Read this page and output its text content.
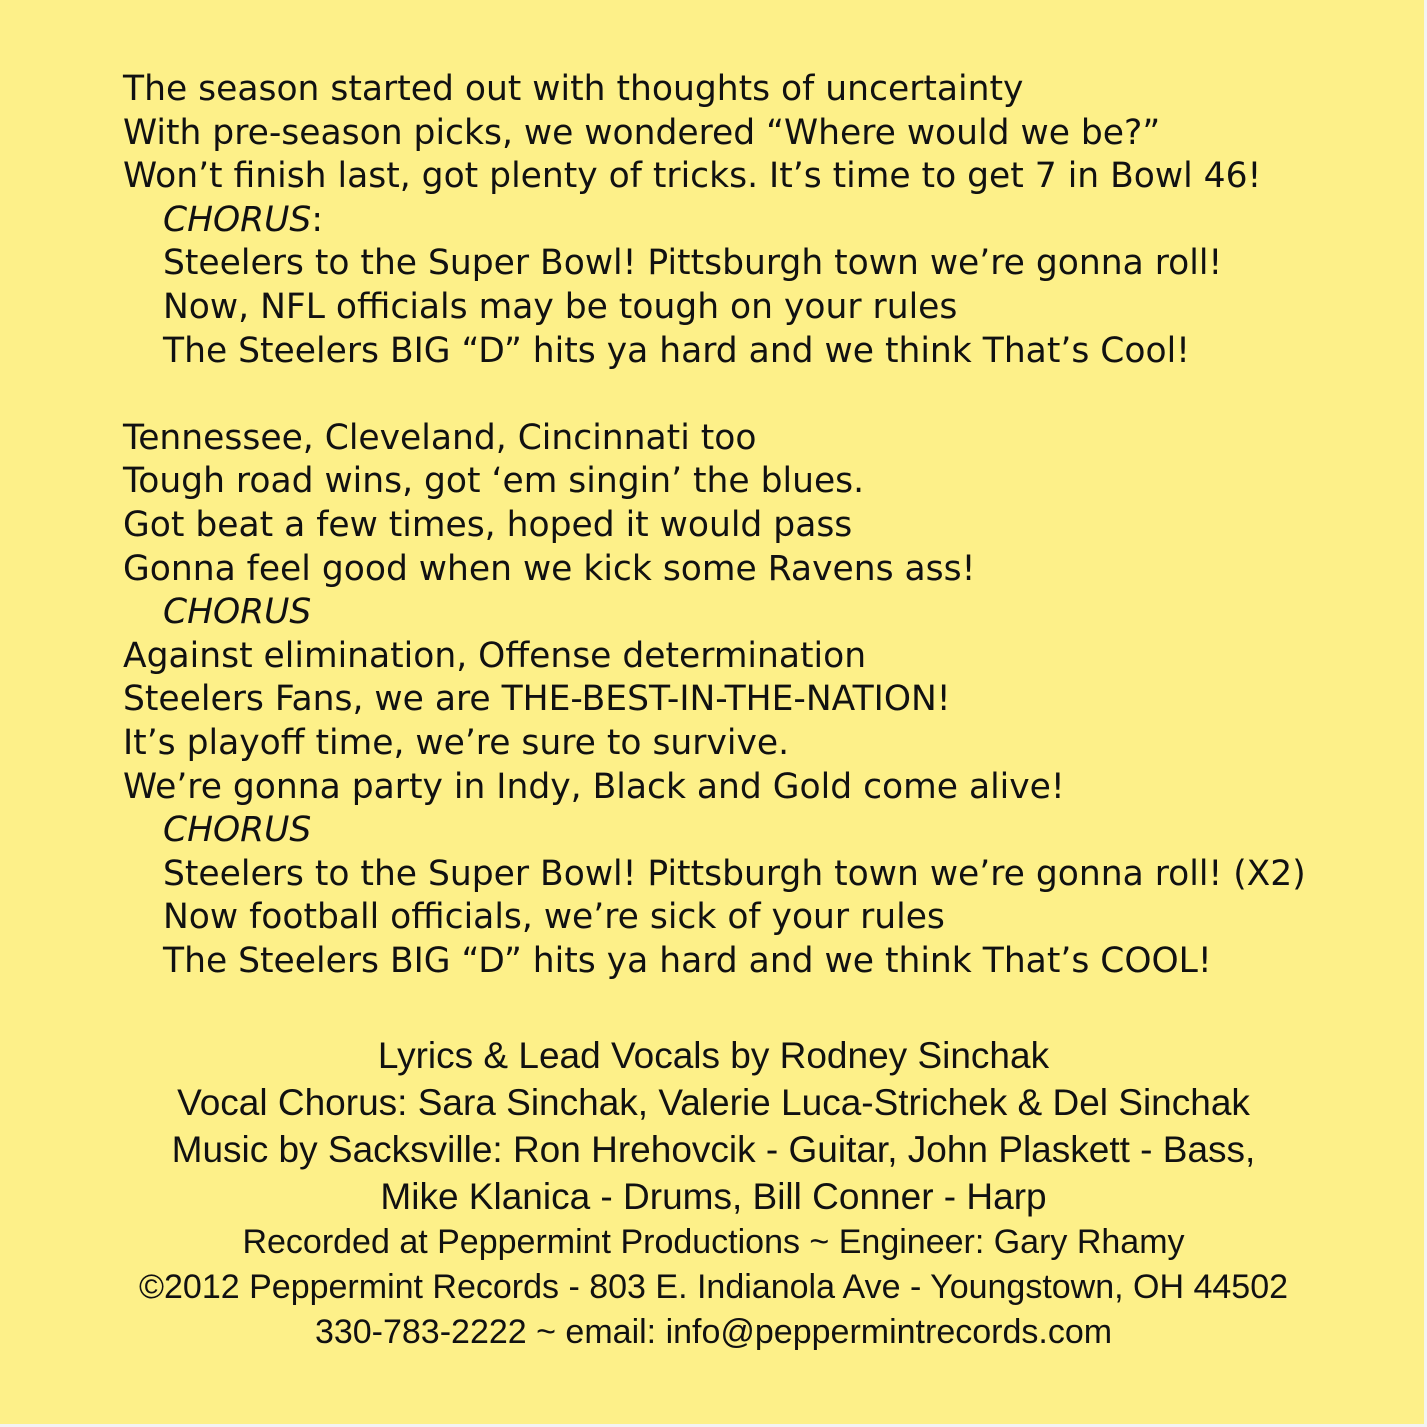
The season started out with thoughts of uncertainty
With pre-season picks, we wondered “Where would we be?”
Won’t finish last, got plenty of tricks. It’s time to get 7 in Bowl 46!
CHORUS:
Steelers to the Super Bowl! Pittsburgh town we’re gonna roll!
Now, NFL officials may be tough on your rules
The Steelers BIG “D” hits ya hard and we think That’s Cool!
Tennessee, Cleveland, Cincinnati too
Tough road wins, got ‘em singin’ the blues.
Got beat a few times, hoped it would pass
Gonna feel good when we kick some Ravens ass!
CHORUS
Against elimination, Offense determination
Steelers Fans, we are THE-BEST-IN-THE-NATION!
It’s playoff time, we’re sure to survive.
We’re gonna party in Indy, Black and Gold come alive!
CHORUS
Steelers to the Super Bowl! Pittsburgh town we’re gonna roll! (X2)
Now football officials, we’re sick of your rules
The Steelers BIG “D” hits ya hard and we think That’s COOL!
Lyrics & Lead Vocals by Rodney Sinchak
Vocal Chorus: Sara Sinchak, Valerie Luca-Strichek & Del Sinchak
Music by Sacksville: Ron Hrehovcik - Guitar, John Plaskett - Bass,
Mike Klanica - Drums, Bill Conner - Harp
Recorded at Peppermint Productions ~ Engineer: Gary Rhamy
©2012 Peppermint Records - 803 E. Indianola Ave - Youngstown, OH 44502
330-783-2222 ~ email: info@peppermintrecords.com
